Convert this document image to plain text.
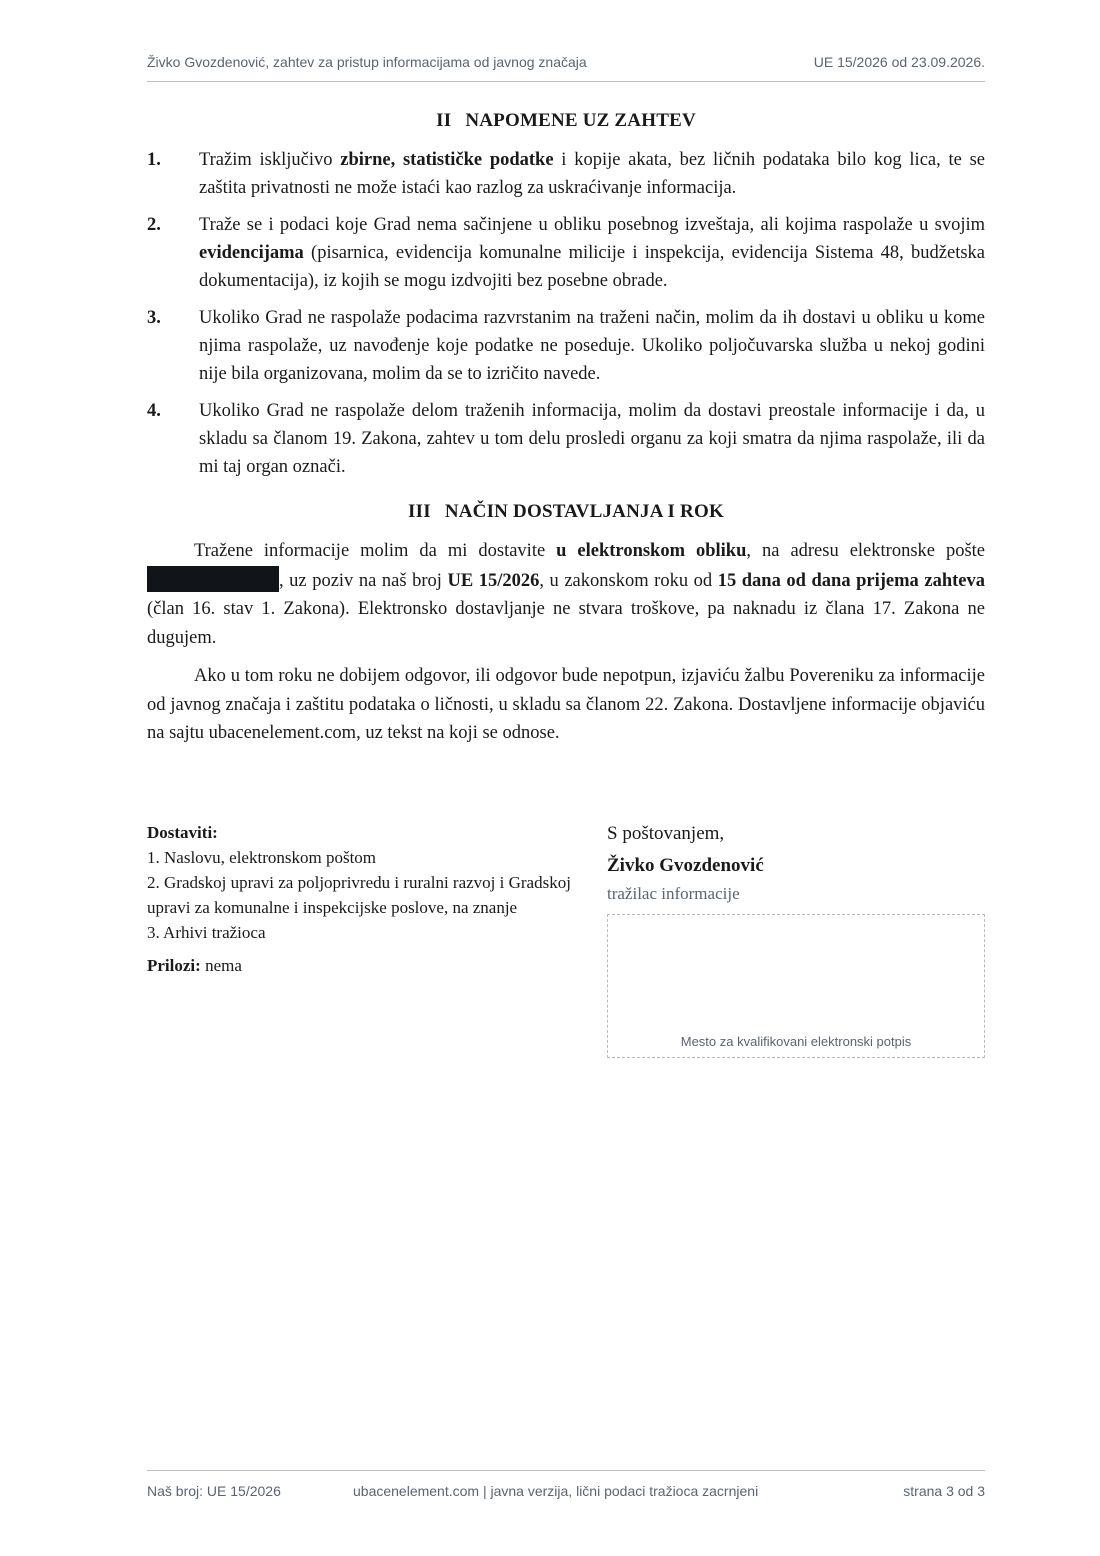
Živko Gvozdenović, zahtev za pristup informacijama od javnog značaja	UE 15/2026 od 23.09.2026.
II NAPOMENE UZ ZAHTEV
1. Tražim isključivo zbirne, statističke podatke i kopije akata, bez ličnih podataka bilo kog lica, te se zaštita privatnosti ne može istaći kao razlog za uskraćivanje informacija.
2. Traže se i podaci koje Grad nema sačinjene u obliku posebnog izveštaja, ali kojima raspolaže u svojim evidencijama (pisarnica, evidencija komunalne milicije i inspekcija, evidencija Sistema 48, budžetska dokumentacija), iz kojih se mogu izdvojiti bez posebne obrade.
3. Ukoliko Grad ne raspolaže podacima razvrstanim na traženi način, molim da ih dostavi u obliku u kome njima raspolaže, uz navođenje koje podatke ne poseduje. Ukoliko poljočuvarska služba u nekoj godini nije bila organizovana, molim da se to izričito navede.
4. Ukoliko Grad ne raspolaže delom traženih informacija, molim da dostavi preostale informacije i da, u skladu sa članom 19. Zakona, zahtev u tom delu prosledi organu za koji smatra da njima raspolaže, ili da mi taj organ označi.
III NAČIN DOSTAVLJANJA I ROK

Tražene informacije molim da mi dostavite u elektronskom obliku, na adresu elektronske pošte , uz poziv na naš broj UE 15/2026, u zakonskom roku od 15 dana od dana prijema zahteva (član 16. stav 1. Zakona). Elektronsko dostavljanje ne stvara troškove, pa naknadu iz člana 17. Zakona ne dugujem.

Ako u tom roku ne dobijem odgovor, ili odgovor bude nepotpun, izjaviću žalbu Povereniku za informacije od javnog značaja i zaštitu podataka o ličnosti, u skladu sa članom 22. Zakona. Dostavljene informacije objaviću na sajtu ubacenelement.com, uz tekst na koji se odnose.

Dostaviti:
1. Naslovu, elektronskom poštom
2. Gradskoj upravi za poljoprivredu i ruralni razvoj i Gradskoj upravi za komunalne i inspekcijske poslove, na znanje
3. Arhivi tražioca
Prilozi: nema
S poštovanjem,
Živko Gvozdenović
tražilac informacije
Mesto za kvalifikovani elektronski potpis
Naš broj: UE 15/2026	ubacenelement.com | javna verzija, lični podaci tražioca zacrnjeni	strana 3 od 3
